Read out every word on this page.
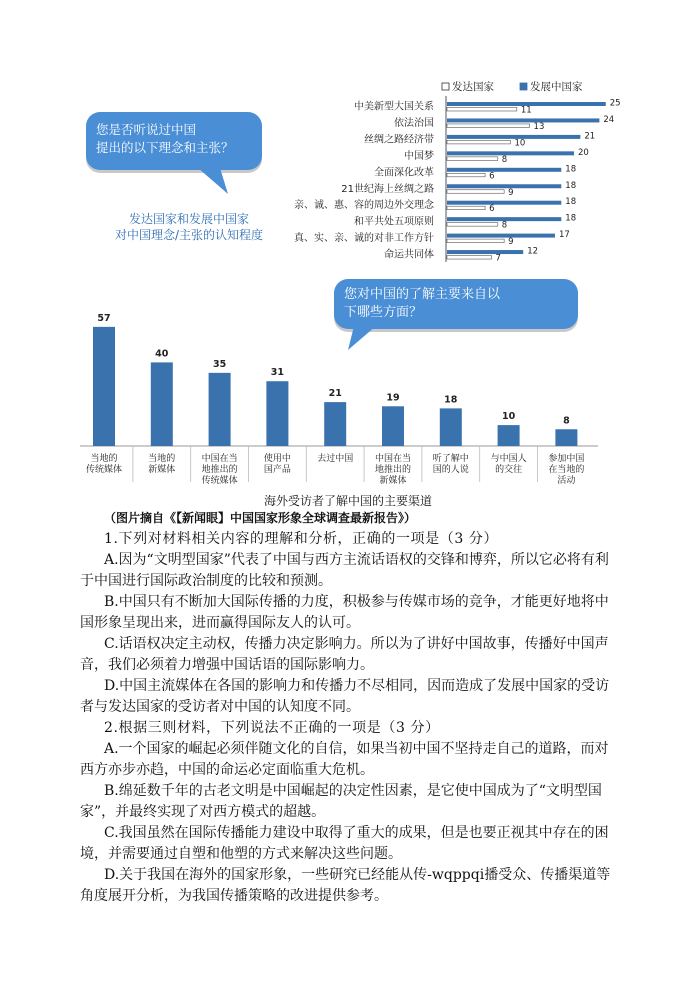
发达国家	发展中国家
中美新型大国关系	25
11
依法治国	24
13
丝绸之路经济带	21
10
中国梦	20
8
全面深化改革	18
6
21世纪海上丝绸之路	18
9
亲、诚、惠、容的周边外交理念	18
6
和平共处五项原则	18
8
真、实、亲、诚的对非工作方针	17
9
命运共同体	12
7
您是否听说过中国
提出的以下理念和主张？
发达国家和发展中国家
对中国理念/主张的认知程度
您对中国的了解主要来自以
下哪些方面？
57
当地的传统媒体
40
当地的新媒体
35
中国在当地推出的传统媒体
31
使用中国产品
21
去过中国
19
中国在当地推出的新媒体
18
听了解中国的人说
10
与中国人的交往
8
参加中国在当地的活动
海外受访者了解中国的主要渠道

（图片摘自《【新闻眼】中国国家形象全球调查最新报告》）

1.下列对材料相关内容的理解和分析，正确的一项是（3 分）

A.因为“文明型国家”代表了中国与西方主流话语权的交锋和博弈，所以它必将有利于中国进行国际政治制度的比较和预测。

B.中国只有不断加大国际传播的力度，积极参与传媒市场的竞争，才能更好地将中国形象呈现出来，进而赢得国际友人的认可。

C.话语权决定主动权，传播力决定影响力。所以为了讲好中国故事，传播好中国声音，我们必须着力增强中国话语的国际影响力。

D.中国主流媒体在各国的影响力和传播力不尽相同，因而造成了发展中国家的受访者与发达国家的受访者对中国的认知度不同。

2.根据三则材料，下列说法不正确的一项是（3 分）

A.一个国家的崛起必须伴随文化的自信，如果当初中国不坚持走自己的道路，而对西方亦步亦趋，中国的命运必定面临重大危机。

B.绵延数千年的古老文明是中国崛起的决定性因素，是它使中国成为了“文明型国家”，并最终实现了对西方模式的超越。

C.我国虽然在国际传播能力建设中取得了重大的成果，但是也要正视其中存在的困境，并需要通过自塑和他塑的方式来解决这些问题。

D.关于我国在海外的国家形象，一些研究已经能从传-wqppqi播受众、传播渠道等角度展开分析，为我国传播策略的改进提供参考。
